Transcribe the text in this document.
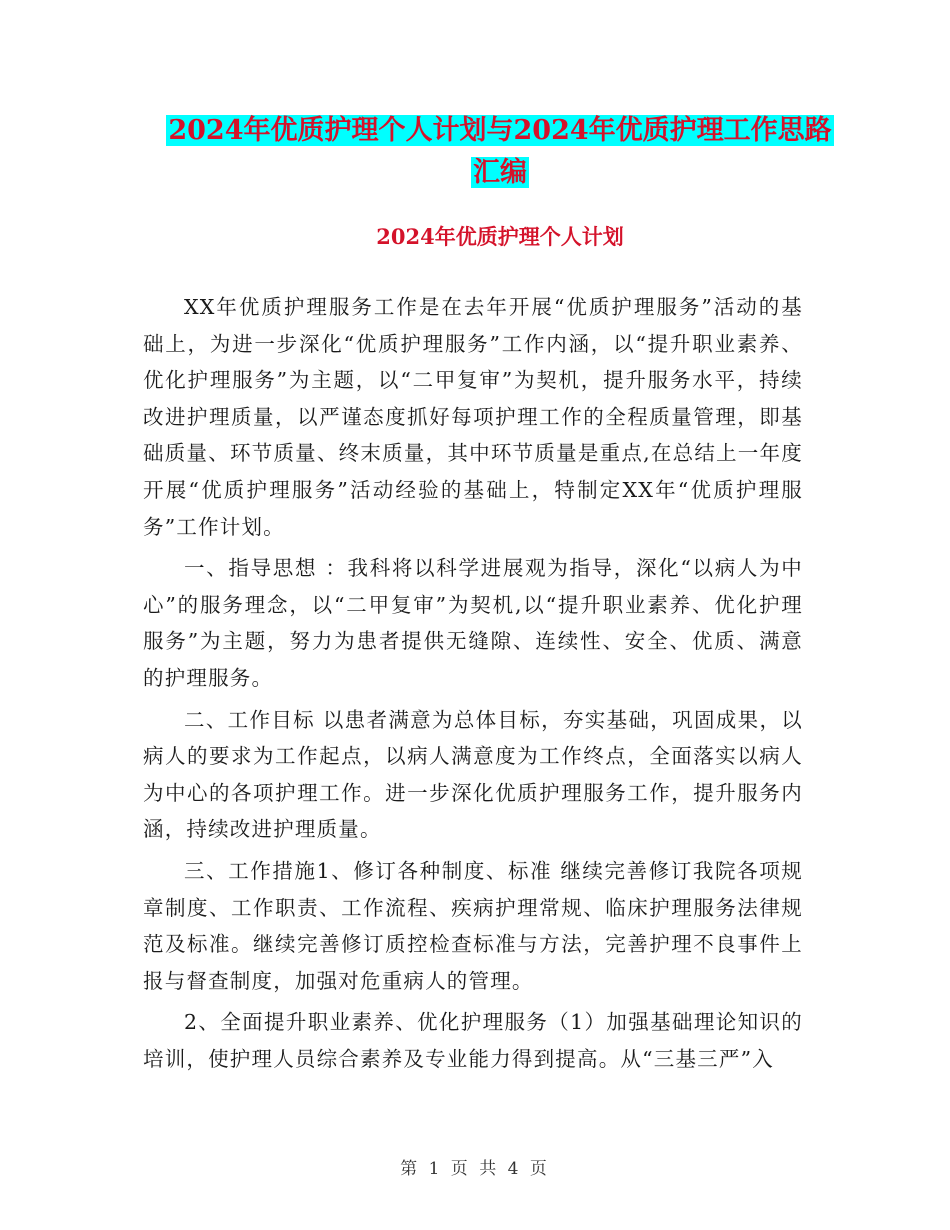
2024年优质护理个人计划与2024年优质护理工作思路
汇编
2024年优质护理个人计划

XX年优质护理服务工作是在去年开展“优质护理服务”活动的基础上，为进一步深化“优质护理服务”工作内涵，以“提升职业素养、优化护理服务”为主题，以“二甲复审”为契机，提升服务水平，持续改进护理质量，以严谨态度抓好每项护理工作的全程质量管理，即基础质量、环节质量、终末质量，其中环节质量是重点,在总结上一年度开展“优质护理服务”活动经验的基础上，特制定XX年“优质护理服务”工作计划。

一、指导思想 ：我科将以科学进展观为指导，深化“以病人为中心”的服务理念，以“二甲复审”为契机,以“提升职业素养、优化护理服务”为主题，努力为患者提供无缝隙、连续性、安全、优质、满意的护理服务。

二、工作目标 以患者满意为总体目标，夯实基础，巩固成果，以病人的要求为工作起点，以病人满意度为工作终点，全面落实以病人为中心的各项护理工作。进一步深化优质护理服务工作，提升服务内涵，持续改进护理质量。

三、工作措施1、修订各种制度、标准 继续完善修订我院各项规章制度、工作职责、工作流程、疾病护理常规、临床护理服务法律规范及标准。继续完善修订质控检查标准与方法，完善护理不良事件上报与督查制度，加强对危重病人的管理。

2、全面提升职业素养、优化护理服务（1）加强基础理论知识的培训，使护理人员综合素养及专业能力得到提高。从“三基三严”入

第 1 页 共 4 页
